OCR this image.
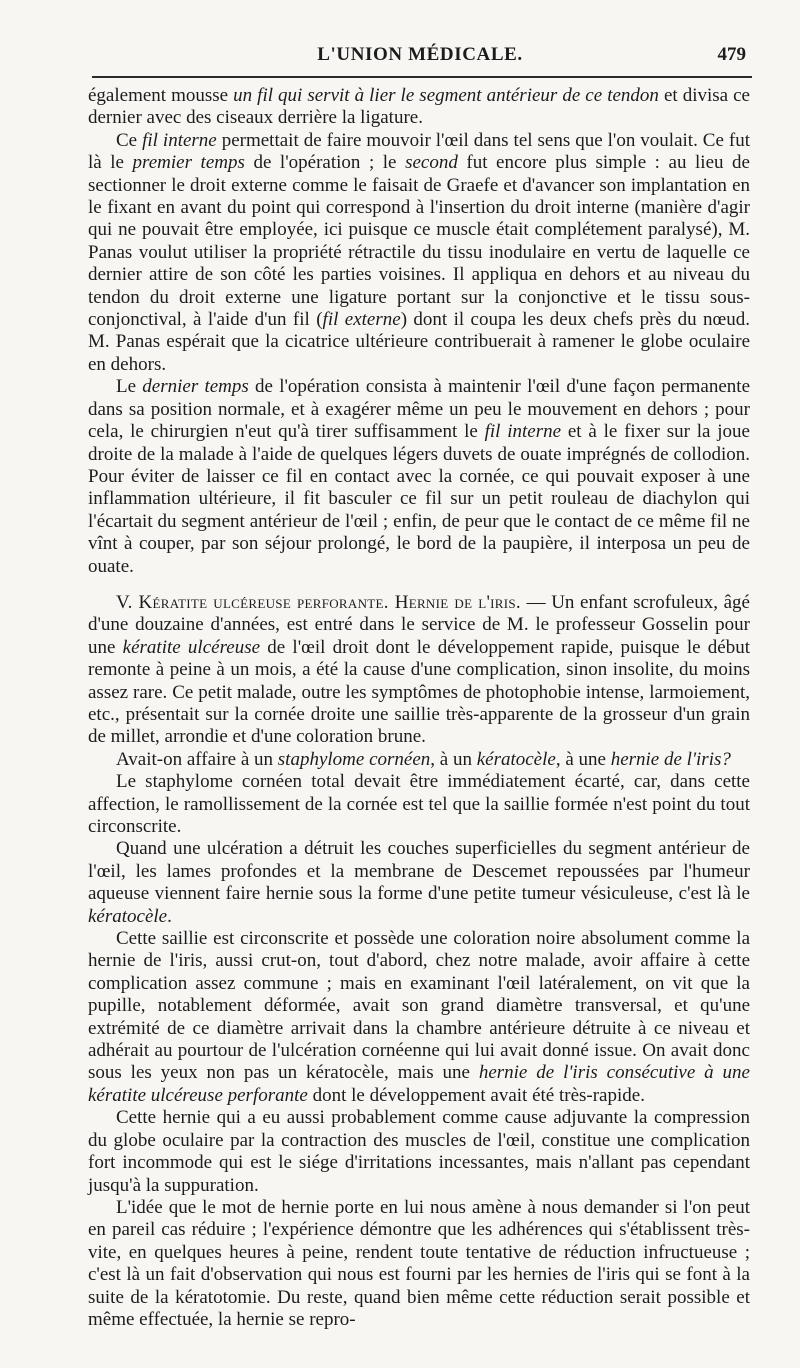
L'UNION MÉDICALE.	479

également mousse un fil qui servit à lier le segment antérieur de ce tendon et divisa ce dernier avec des ciseaux derrière la ligature.

Ce fil interne permettait de faire mouvoir l'œil dans tel sens que l'on voulait. Ce fut là le premier temps de l'opération ; le second fut encore plus simple : au lieu de sectionner le droit externe comme le faisait de Graefe et d'avancer son implantation en le fixant en avant du point qui correspond à l'insertion du droit interne (manière d'agir qui ne pouvait être employée, ici puisque ce muscle était complétement paralysé), M. Panas voulut utiliser la propriété rétractile du tissu inodulaire en vertu de laquelle ce dernier attire de son côté les parties voisines. Il appliqua en dehors et au niveau du tendon du droit externe une ligature portant sur la conjonctive et le tissu sous-conjonctival, à l'aide d'un fil (fil externe) dont il coupa les deux chefs près du nœud. M. Panas espérait que la cicatrice ultérieure contribuerait à ramener le globe oculaire en dehors.

Le dernier temps de l'opération consista à maintenir l'œil d'une façon permanente dans sa position normale, et à exagérer même un peu le mouvement en dehors ; pour cela, le chirurgien n'eut qu'à tirer suffisamment le fil interne et à le fixer sur la joue droite de la malade à l'aide de quelques légers duvets de ouate imprégnés de collodion. Pour éviter de laisser ce fil en contact avec la cornée, ce qui pouvait exposer à une inflammation ultérieure, il fit basculer ce fil sur un petit rouleau de diachylon qui l'écartait du segment antérieur de l'œil ; enfin, de peur que le contact de ce même fil ne vînt à couper, par son séjour prolongé, le bord de la paupière, il interposa un peu de ouate.

V. Kératite ulcéreuse perforante. Hernie de l'iris. — Un enfant scrofuleux, âgé d'une douzaine d'années, est entré dans le service de M. le professeur Gosselin pour une kératite ulcéreuse de l'œil droit dont le développement rapide, puisque le début remonte à peine à un mois, a été la cause d'une complication, sinon insolite, du moins assez rare. Ce petit malade, outre les symptômes de photophobie intense, larmoiement, etc., présentait sur la cornée droite une saillie très-apparente de la grosseur d'un grain de millet, arrondie et d'une coloration brune.

Avait-on affaire à un staphylome cornéen, à un kératocèle, à une hernie de l'iris?

Le staphylome cornéen total devait être immédiatement écarté, car, dans cette affection, le ramollissement de la cornée est tel que la saillie formée n'est point du tout circonscrite.

Quand une ulcération a détruit les couches superficielles du segment antérieur de l'œil, les lames profondes et la membrane de Descemet repoussées par l'humeur aqueuse viennent faire hernie sous la forme d'une petite tumeur vésiculeuse, c'est là le kératocèle.

Cette saillie est circonscrite et possède une coloration noire absolument comme la hernie de l'iris, aussi crut-on, tout d'abord, chez notre malade, avoir affaire à cette complication assez commune ; mais en examinant l'œil latéralement, on vit que la pupille, notablement déformée, avait son grand diamètre transversal, et qu'une extrémité de ce diamètre arrivait dans la chambre antérieure détruite à ce niveau et adhérait au pourtour de l'ulcération cornéenne qui lui avait donné issue. On avait donc sous les yeux non pas un kératocèle, mais une hernie de l'iris consécutive à une kératite ulcéreuse perforante dont le développement avait été très-rapide.

Cette hernie qui a eu aussi probablement comme cause adjuvante la compression du globe oculaire par la contraction des muscles de l'œil, constitue une complication fort incommode qui est le siége d'irritations incessantes, mais n'allant pas cependant jusqu'à la suppuration.

L'idée que le mot de hernie porte en lui nous amène à nous demander si l'on peut en pareil cas réduire ; l'expérience démontre que les adhérences qui s'établissent très-vite, en quelques heures à peine, rendent toute tentative de réduction infructueuse ; c'est là un fait d'observation qui nous est fourni par les hernies de l'iris qui se font à la suite de la kératotomie. Du reste, quand bien même cette réduction serait possible et même effectuée, la hernie se repro-
